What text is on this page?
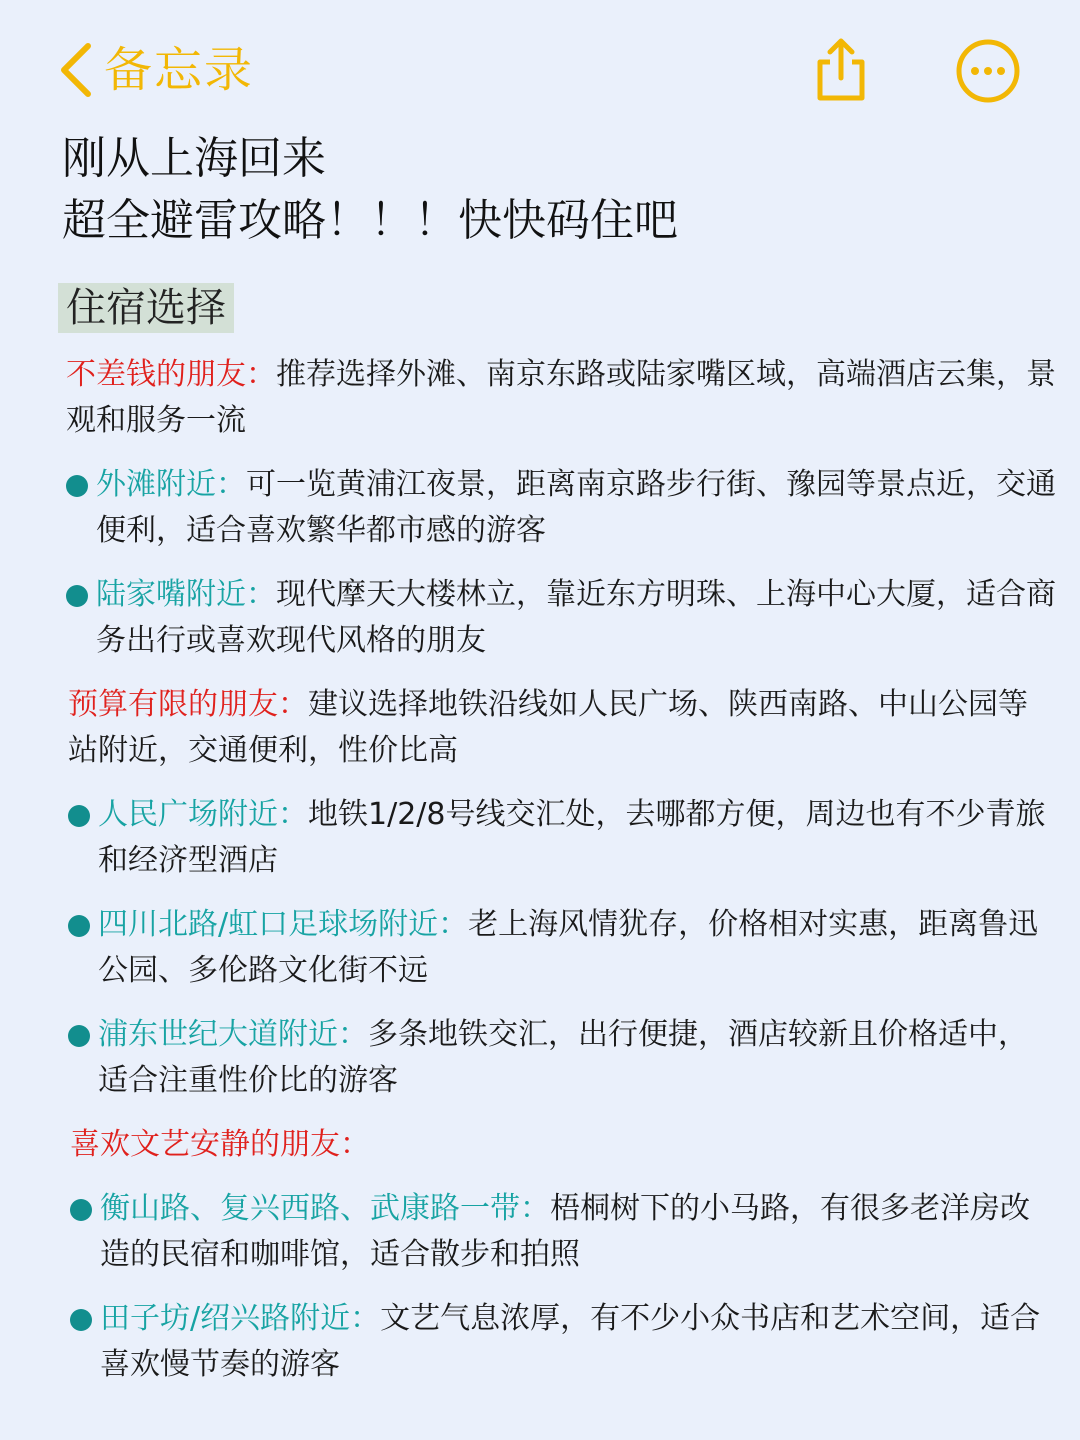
备忘录
刚从上海回来
超全避雷攻略！！！快快码住吧
住宿选择
不差钱的朋友：推荐选择外滩、南京东路或陆家嘴区域，高端酒店云集，景观和服务一流
外滩附近：可一览黄浦江夜景，距离南京路步行街、豫园等景点近，交通便利，适合喜欢繁华都市感的游客
陆家嘴附近：现代摩天大楼林立，靠近东方明珠、上海中心大厦，适合商务出行或喜欢现代风格的朋友
预算有限的朋友：建议选择地铁沿线如人民广场、陕西南路、中山公园等站附近，交通便利，性价比高
人民广场附近：地铁1/2/8号线交汇处，去哪都方便，周边也有不少青旅和经济型酒店
四川北路/虹口足球场附近：老上海风情犹存，价格相对实惠，距离鲁迅公园、多伦路文化街不远
浦东世纪大道附近：多条地铁交汇，出行便捷，酒店较新且价格适中，适合注重性价比的游客
喜欢文艺安静的朋友：
衡山路、复兴西路、武康路一带：梧桐树下的小马路，有很多老洋房改造的民宿和咖啡馆，适合散步和拍照
田子坊/绍兴路附近：文艺气息浓厚，有不少小众书店和艺术空间，适合喜欢慢节奏的游客
